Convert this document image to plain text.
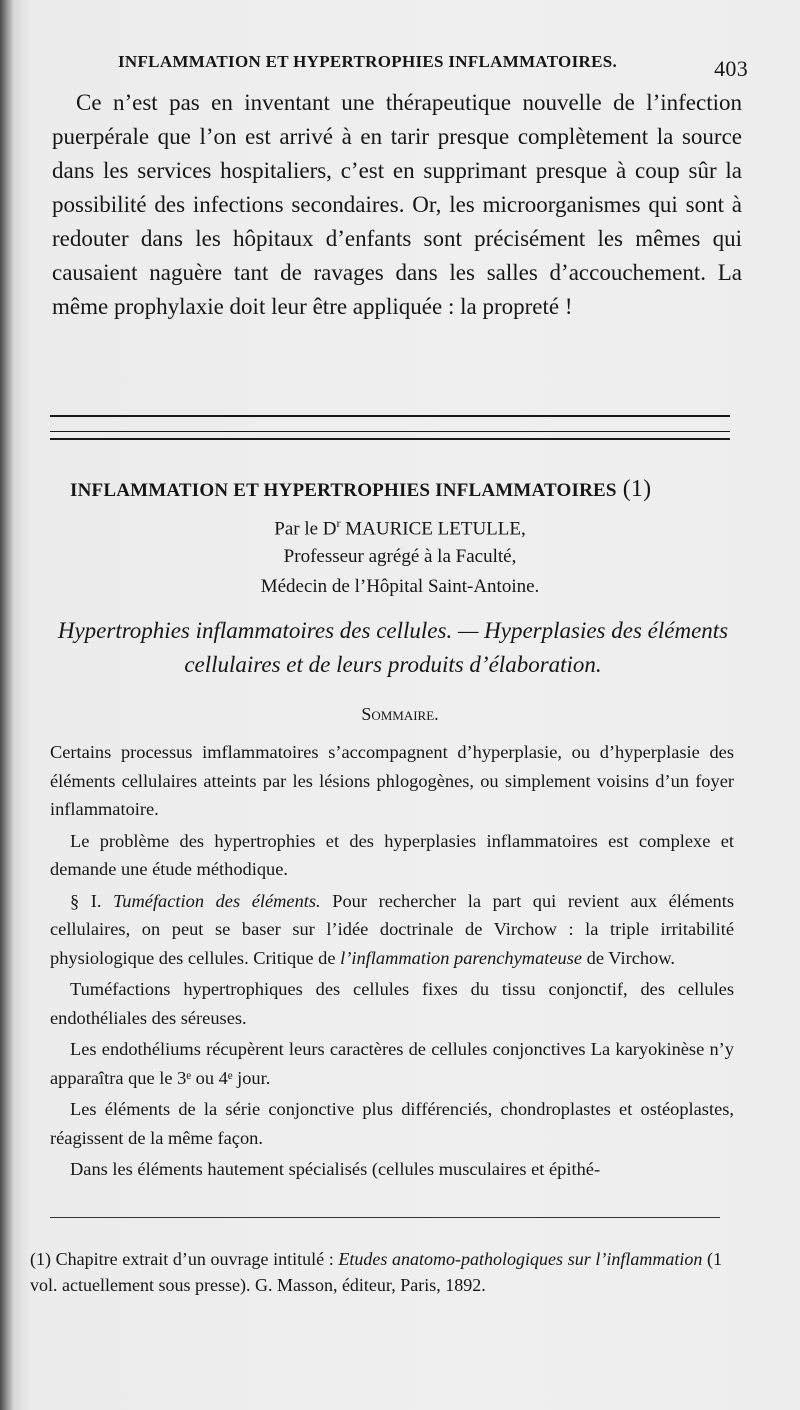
INFLAMMATION ET HYPERTROPHIES INFLAMMATOIRES.	403

Ce n’est pas en inventant une thérapeutique nouvelle de l’infection puerpérale que l’on est arrivé à en tarir presque complètement la source dans les services hospitaliers, c’est en supprimant presque à coup sûr la possibilité des infections secondaires. Or, les microorganismes qui sont à redouter dans les hôpitaux d’enfants sont précisément les mêmes qui causaient naguère tant de ravages dans les salles d’accouchement. La même prophylaxie doit leur être appliquée : la propreté !

INFLAMMATION ET HYPERTROPHIES INFLAMMATOIRES (1)
Par le $D^r$ MAURICE LETULLE,
Professeur agrégé à la Faculté,
Médecin de l’Hôpital Saint-Antoine.
Hypertrophies inflammatoires des cellules. — Hyperplasies des éléments cellulaires et de leurs produits d’élaboration.
Sommaire.

Certains processus imflammatoires s’accompagnent d’hyperplasie, ou d’hyperplasie des éléments cellulaires atteints par les lésions phlogogènes, ou simplement voisins d’un foyer inflammatoire.

Le problème des hypertrophies et des hyperplasies inflammatoires est complexe et demande une étude méthodique.

§ I. Tuméfaction des éléments. Pour rechercher la part qui revient aux éléments cellulaires, on peut se baser sur l’idée doctrinale de Virchow : la triple irritabilité physiologique des cellules. Critique de l’inflammation parenchymateuse de Virchow.

Tuméfactions hypertrophiques des cellules fixes du tissu conjonctif, des cellules endothéliales des séreuses.

Les endothéliums récupèrent leurs caractères de cellules conjonctives La karyokinèse n’y apparaîtra que le 3ᵉ ou 4ᵉ jour.

Les éléments de la série conjonctive plus différenciés, chondroplastes et ostéoplastes, réagissent de la même façon.

Dans les éléments hautement spécialisés (cellules musculaires et épithé-

(1) Chapitre extrait d’un ouvrage intitulé : Etudes anatomo-pathologiques sur l’inflammation (1 vol. actuellement sous presse). G. Masson, éditeur, Paris, 1892.
